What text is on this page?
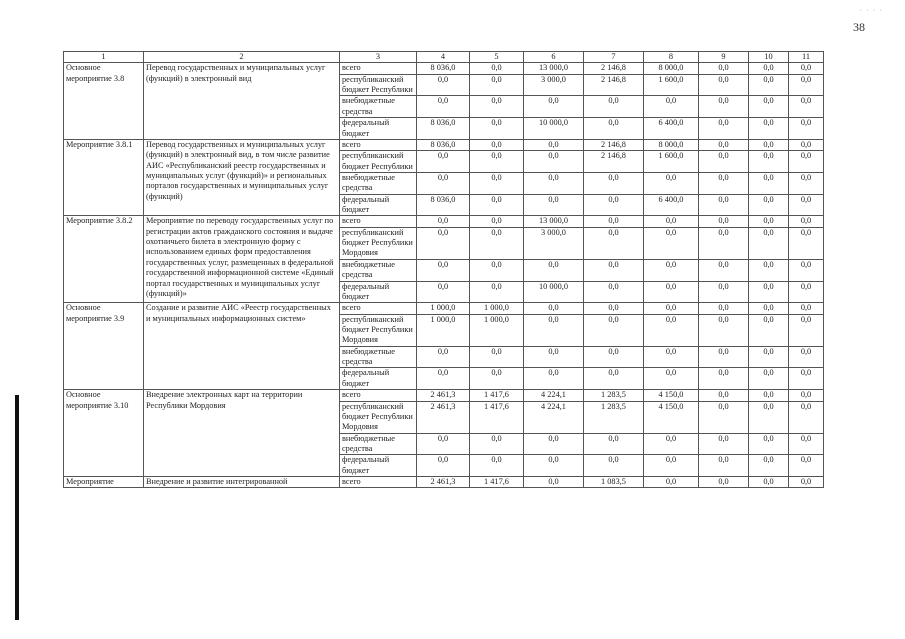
38
· · · ·
1	2	3	4	5	6	7	8	9	10	11
Основное мероприятие 3.8	Перевод государственных и муниципальных услуг (функций) в электронный вид	всего	8 036,0	0,0	13 000,0	2 146,8	8 000,0	0,0	0,0	0,0
		республиканский бюджет Республики	0,0	0,0	3 000,0	2 146,8	1 600,0	0,0	0,0	0,0
		внебюджетные средства	0,0	0,0	0,0	0,0	0,0	0,0	0,0	0,0
		федеральный бюджет	8 036,0	0,0	10 000,0	0,0	6 400,0	0,0	0,0	0,0
Мероприятие 3.8.1	Перевод государственных и муниципальных услуг (функций) в электронный вид, в том числе развитие АИС «Республиканский реестр государственных и муниципальных услуг (функций)» и региональных порталов государственных и муниципальных услуг (функций)	всего	8 036,0	0,0	0,0	2 146,8	8 000,0	0,0	0,0	0,0
		республиканский бюджет Республики	0,0	0,0	0,0	2 146,8	1 600,0	0,0	0,0	0,0
		внебюджетные средства	0,0	0,0	0,0	0,0	0,0	0,0	0,0	0,0
		федеральный бюджет	8 036,0	0,0	0,0	0,0	6 400,0	0,0	0,0	0,0
Мероприятие 3.8.2	Мероприятие по переводу государственных услуг по регистрации актов гражданского состояния и выдаче охотничьего билета в электронную форму с использованием единых форм предоставления государственных услуг, размещенных в федеральной государственной информационной системе «Единый портал государственных и муниципальных услуг (функций)»	всего	0,0	0,0	13 000,0	0,0	0,0	0,0	0,0	0,0
		республиканский бюджет Республики Мордовия	0,0	0,0	3 000,0	0,0	0,0	0,0	0,0	0,0
		внебюджетные средства	0,0	0,0	0,0	0,0	0,0	0,0	0,0	0,0
		федеральный бюджет	0,0	0,0	10 000,0	0,0	0,0	0,0	0,0	0,0
Основное мероприятие 3.9	Создание и развитие АИС «Реестр государственных и муниципальных информационных систем»	всего	1 000,0	1 000,0	0,0	0,0	0,0	0,0	0,0	0,0
		республиканский бюджет Республики Мордовия	1 000,0	1 000,0	0,0	0,0	0,0	0,0	0,0	0,0
		внебюджетные средства	0,0	0,0	0,0	0,0	0,0	0,0	0,0	0,0
		федеральный бюджет	0,0	0,0	0,0	0,0	0,0	0,0	0,0	0,0
Основное мероприятие 3.10	Внедрение электронных карт на территории Республики Мордовия	всего	2 461,3	1 417,6	4 224,1	1 283,5	4 150,0	0,0	0,0	0,0
		республиканский бюджет Республики Мордовия	2 461,3	1 417,6	4 224,1	1 283,5	4 150,0	0,0	0,0	0,0
		внебюджетные средства	0,0	0,0	0,0	0,0	0,0	0,0	0,0	0,0
		федеральный бюджет	0,0	0,0	0,0	0,0	0,0	0,0	0,0	0,0
Мероприятие	Внедрение и развитие интегрированной	всего	2 461,3	1 417,6	0,0	1 083,5	0,0	0,0	0,0	0,0
